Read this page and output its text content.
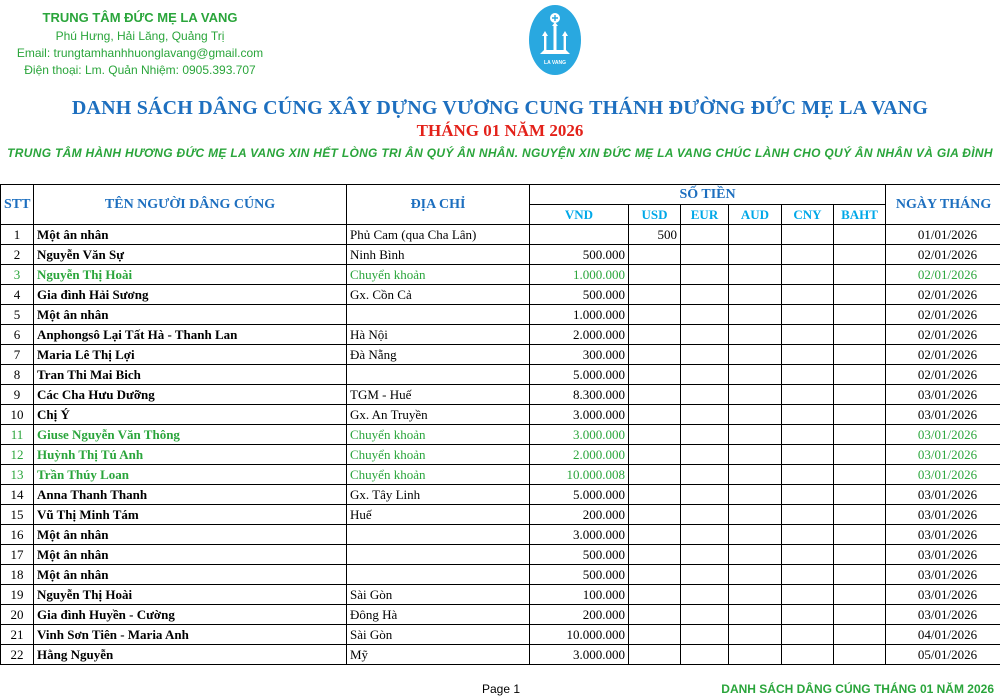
TRUNG TÂM ĐỨC MẸ LA VANG
Phú Hưng, Hải Lăng, Quảng Trị
Email: trungtamhanhhuonglavang@gmail.com
Điện thoại: Lm. Quản Nhiệm: 0905.393.707	LA VANG
DANH SÁCH DÂNG CÚNG XÂY DỰNG VƯƠNG CUNG THÁNH ĐƯỜNG ĐỨC MẸ LA VANG
THÁNG 01 NĂM 2026
TRUNG TÂM HÀNH HƯƠNG ĐỨC MẸ LA VANG XIN HẾT LÒNG TRI ÂN QUÝ ÂN NHÂN. NGUYỆN XIN ĐỨC MẸ LA VANG CHÚC LÀNH CHO QUÝ ÂN NHÂN VÀ GIA ĐÌNH
STT	TÊN NGƯỜI DÂNG CÚNG	ĐỊA CHỈ	SỐ TIỀN						NGÀY THÁNG
			VND	USD	EUR	AUD	CNY	BAHT	
1	Một ân nhân	Phủ Cam (qua Cha Lân)		500					01/01/2026
2	Nguyễn Văn Sự	Ninh Bình	500.000						02/01/2026
3	Nguyễn Thị Hoài	Chuyển khoản	1.000.000						02/01/2026
4	Gia đình Hải Sương	Gx. Cồn Cả	500.000						02/01/2026
5	Một ân nhân		1.000.000						02/01/2026
6	Anphongsô Lại Tất Hà - Thanh Lan	Hà Nội	2.000.000						02/01/2026
7	Maria Lê Thị Lợi	Đà Nẵng	300.000						02/01/2026
8	Tran Thi Mai Bich		5.000.000						02/01/2026
9	Các Cha Hưu Dưỡng	TGM - Huế	8.300.000						03/01/2026
10	Chị Ý	Gx. An Truyền	3.000.000						03/01/2026
11	Giuse Nguyễn Văn Thông	Chuyển khoản	3.000.000						03/01/2026
12	Huỳnh Thị Tú Anh	Chuyển khoản	2.000.000						03/01/2026
13	Trần Thúy Loan	Chuyển khoản	10.000.008						03/01/2026
14	Anna Thanh Thanh	Gx. Tây Linh	5.000.000						03/01/2026
15	Vũ Thị Minh Tám	Huế	200.000						03/01/2026
16	Một ân nhân		3.000.000						03/01/2026
17	Một ân nhân		500.000						03/01/2026
18	Một ân nhân		500.000						03/01/2026
19	Nguyễn Thị Hoài	Sài Gòn	100.000						03/01/2026
20	Gia đình Huyền - Cường	Đông Hà	200.000						03/01/2026
21	Vinh Sơn Tiên - Maria Anh	Sài Gòn	10.000.000						04/01/2026
22	Hằng Nguyễn	Mỹ	3.000.000						05/01/2026
Page 1	DANH SÁCH DÂNG CÚNG THÁNG 01 NĂM 2026
